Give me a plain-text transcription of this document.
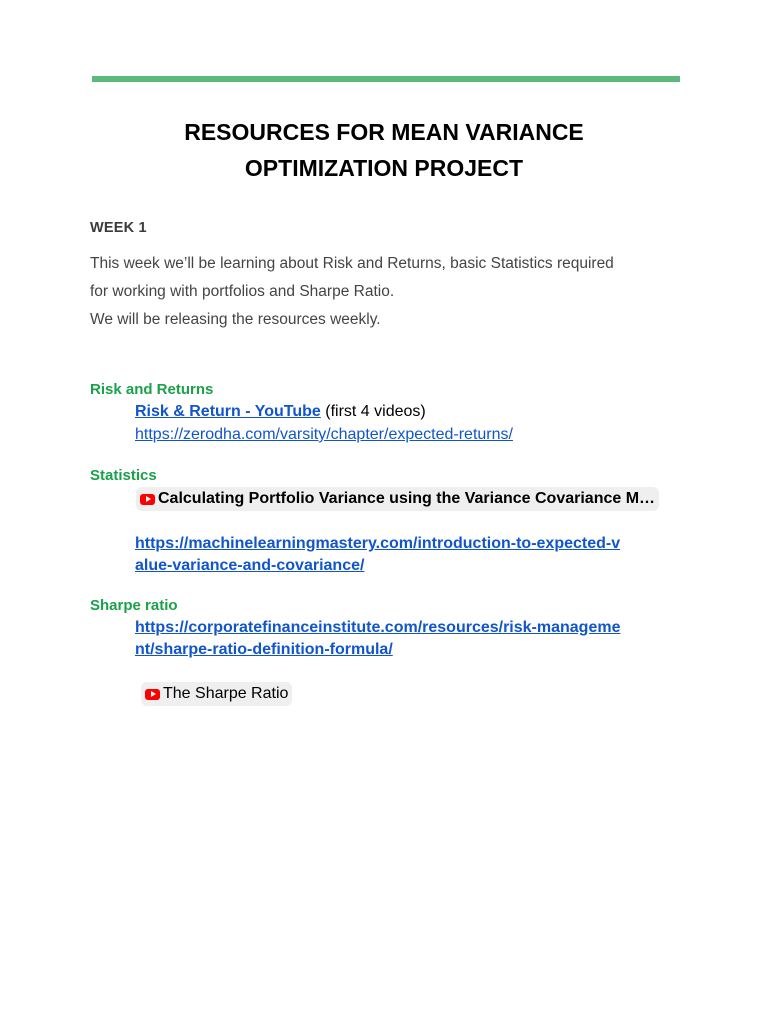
RESOURCES FOR MEAN VARIANCE
OPTIMIZATION PROJECT
WEEK 1

This week we’ll be learning about Risk and Returns, basic Statistics required

for working with portfolios and Sharpe Ratio.

We will be releasing the resources weekly.

Risk and Returns
Risk & Return - YouTube (first 4 videos)
https://zerodha.com/varsity/chapter/expected-returns/
Statistics
Calculating Portfolio Variance using the Variance Covariance M…
https://machinelearningmastery.com/introduction-to-expected-v
alue-variance-and-covariance/
Sharpe ratio
https://corporatefinanceinstitute.com/resources/risk-manageme
nt/sharpe-ratio-definition-formula/
The Sharpe Ratio
